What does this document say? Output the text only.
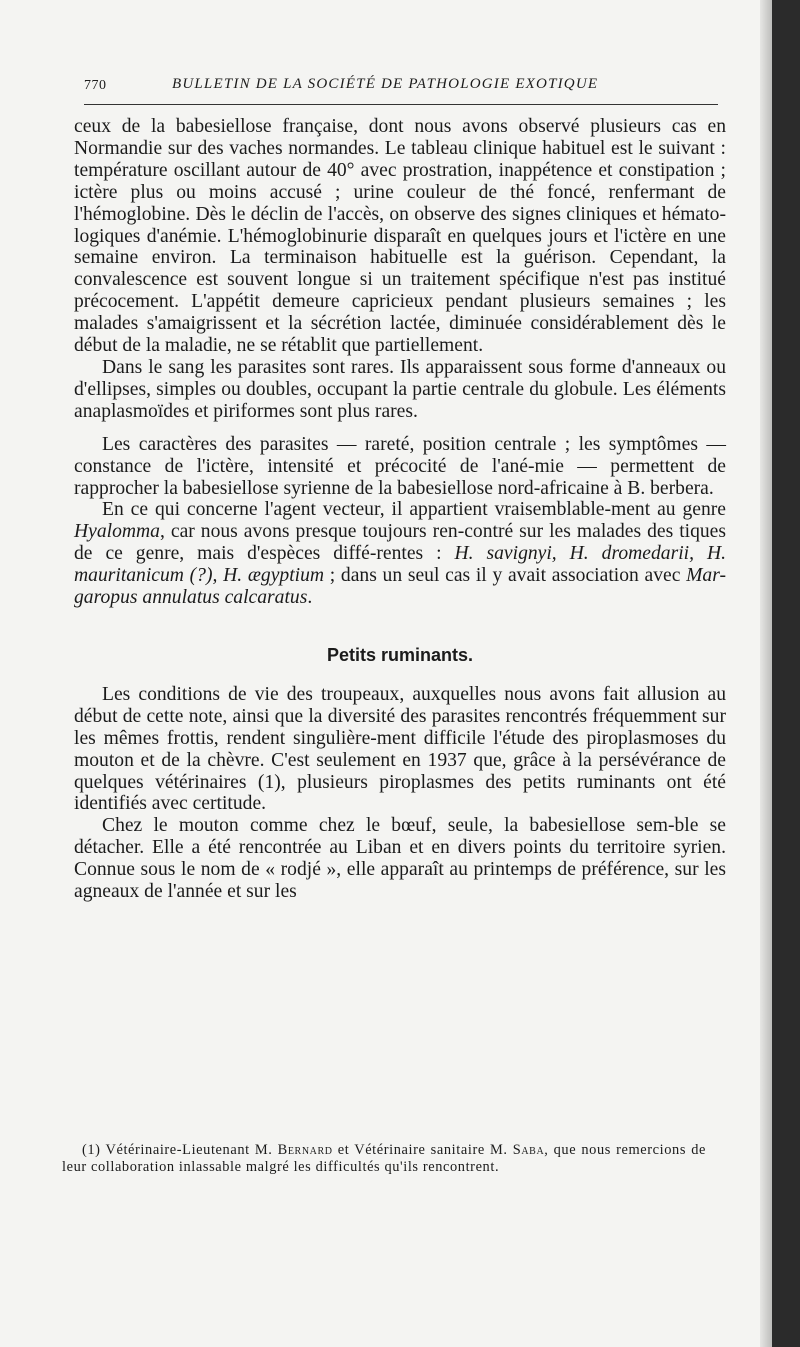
770	BULLETIN DE LA SOCIÉTÉ DE PATHOLOGIE EXOTIQUE

ceux de la babesiellose française, dont nous avons observé plusieurs cas en Normandie sur des vaches normandes. Le tableau clinique habituel est le suivant : température oscillant autour de 40° avec prostration, inappétence et constipation ; ictère plus ou moins accusé ; urine couleur de thé foncé, renfermant de l'hémoglobine. Dès le déclin de l'accès, on observe des signes cliniques et hémato-logiques d'anémie. L'hémoglobinurie disparaît en quelques jours et l'ictère en une semaine environ. La terminaison habituelle est la guérison. Cependant, la convalescence est souvent longue si un traitement spécifique n'est pas institué précocement. L'appétit demeure capricieux pendant plusieurs semaines ; les malades s'amaigrissent et la sécrétion lactée, diminuée considérablement dès le début de la maladie, ne se rétablit que partiellement.

Dans le sang les parasites sont rares. Ils apparaissent sous forme d'anneaux ou d'ellipses, simples ou doubles, occupant la partie centrale du globule. Les éléments anaplasmoïdes et piriformes sont plus rares.

Les caractères des parasites — rareté, position centrale ; les symptômes — constance de l'ictère, intensité et précocité de l'ané-mie — permettent de rapprocher la babesiellose syrienne de la babesiellose nord-africaine à B. berbera.

En ce qui concerne l'agent vecteur, il appartient vraisemblable-ment au genre Hyalomma, car nous avons presque toujours ren-contré sur les malades des tiques de ce genre, mais d'espèces diffé-rentes : H. savignyi, H. dromedarii, H. mauritanicum (?), H. ægyptium ; dans un seul cas il y avait association avec Mar-garopus annulatus calcaratus.

Petits ruminants.

Les conditions de vie des troupeaux, auxquelles nous avons fait allusion au début de cette note, ainsi que la diversité des parasites rencontrés fréquemment sur les mêmes frottis, rendent singulière-ment difficile l'étude des piroplasmoses du mouton et de la chèvre. C'est seulement en 1937 que, grâce à la persévérance de quelques vétérinaires (1), plusieurs piroplasmes des petits ruminants ont été identifiés avec certitude.

Chez le mouton comme chez le bœuf, seule, la babesiellose sem-ble se détacher. Elle a été rencontrée au Liban et en divers points du territoire syrien. Connue sous le nom de « rodjé », elle apparaît au printemps de préférence, sur les agneaux de l'année et sur les

(1) Vétérinaire-Lieutenant M. Bernard et Vétérinaire sanitaire M. Saba, que nous remercions de leur collaboration inlassable malgré les difficultés qu'ils rencontrent.
